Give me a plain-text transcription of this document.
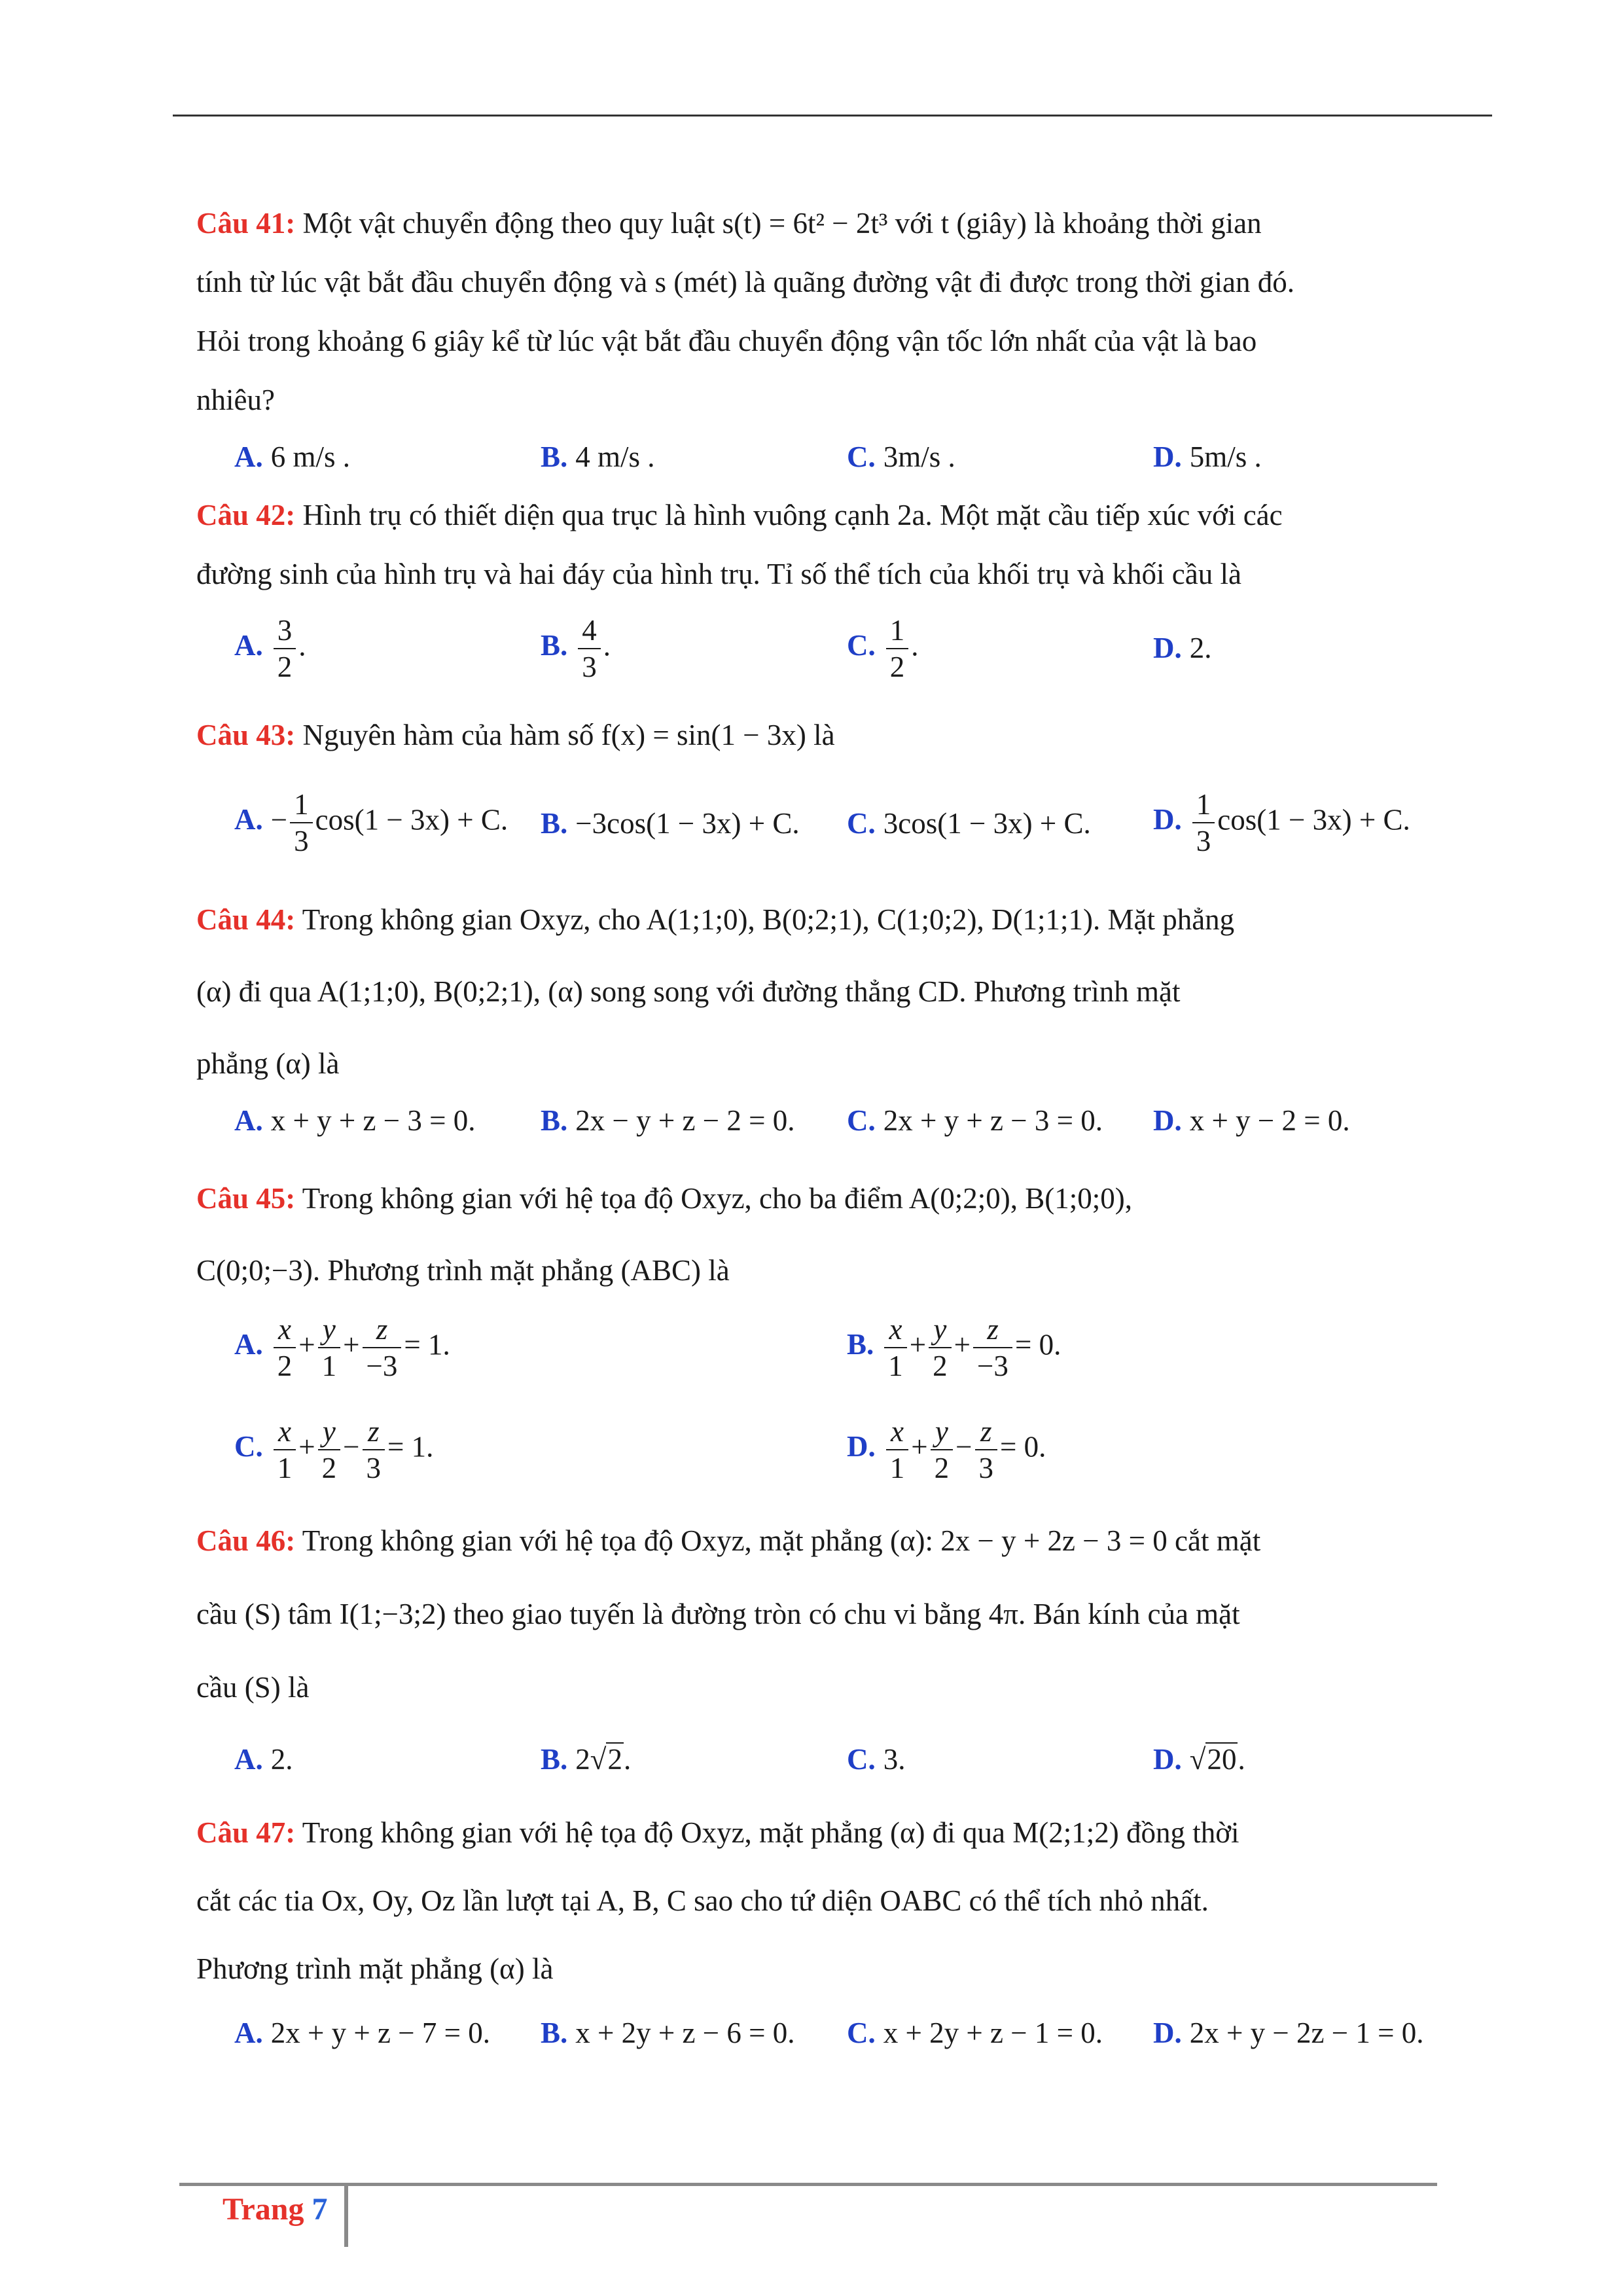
Câu 41: Một vật chuyển động theo quy luật s(t) = 6t² − 2t³ với t (giây) là khoảng thời gian
tính từ lúc vật bắt đầu chuyển động và s (mét) là quãng đường vật đi được trong thời gian đó.
Hỏi trong khoảng 6 giây kể từ lúc vật bắt đầu chuyển động vận tốc lớn nhất của vật là bao
nhiêu?
A. 6 m/s .	B. 4 m/s .	C. 3m/s .	D. 5m/s .
Câu 42: Hình trụ có thiết diện qua trục là hình vuông cạnh 2a. Một mặt cầu tiếp xúc với các
đường sinh của hình trụ và hai đáy của hình trụ. Tỉ số thể tích của khối trụ và khối cầu là
A. $\frac{3}{2}$ .	B. $\frac{4}{3}$ .	C. $\frac{1}{2}$ .	D. 2.
Câu 43: Nguyên hàm của hàm số f(x) = sin(1 − 3x) là
A. − $\frac{1}{3} \cos(1 - 3x) + C$. B. −3cos(1 − 3x) + C. C. 3cos(1 − 3x) + C. D. $\frac{1}{3} \cos(1 - 3x) + C$.
Câu 44: Trong không gian Oxyz, cho A(1;1;0), B(0;2;1), C(1;0;2), D(1;1;1). Mặt phẳng
(α) đi qua A(1;1;0), B(0;2;1), (α) song song với đường thẳng CD. Phương trình mặt
phẳng (α) là
A. x + y + z − 3 = 0. B. 2x − y + z − 2 = 0. C. 2x + y + z − 3 = 0. D. x + y − 2 = 0.
Câu 45: Trong không gian với hệ tọa độ Oxyz, cho ba điểm A(0;2;0), B(1;0;0),
C(0;0;−3). Phương trình mặt phẳng (ABC) là
A. $\frac{x}{2} + \frac{y}{1} + \frac{z}{-3} = 1$.	B. $\frac{x}{1} + \frac{y}{2} + \frac{z}{-3} = 0$.
C. $\frac{x}{1} + \frac{y}{2} - \frac{z}{3} = 1$.	D. $\frac{x}{1} + \frac{y}{2} - \frac{z}{3} = 0$.
Câu 46: Trong không gian với hệ tọa độ Oxyz, mặt phẳng (α): 2x − y + 2z − 3 = 0 cắt mặt
cầu (S) tâm I(1;−3;2) theo giao tuyến là đường tròn có chu vi bằng 4π. Bán kính của mặt
cầu (S) là
A. 2.	B. 2√2.	C. 3.	D. √20.
Câu 47: Trong không gian với hệ tọa độ Oxyz, mặt phẳng (α) đi qua M(2;1;2) đồng thời
cắt các tia Ox, Oy, Oz lần lượt tại A, B, C sao cho tứ diện OABC có thể tích nhỏ nhất.
Phương trình mặt phẳng (α) là
A. 2x + y + z − 7 = 0. B. x + 2y + z − 6 = 0. C. x + 2y + z − 1 = 0. D. 2x + y − 2z − 1 = 0.
Trang 7
